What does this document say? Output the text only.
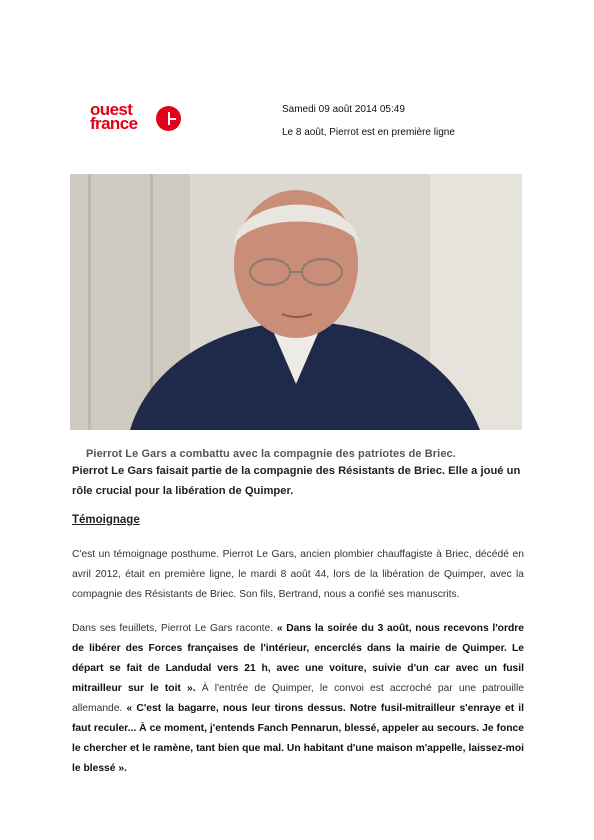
ouest
france
Samedi 09 août 2014 05:49
Le 8 août, Pierrot est en première ligne
Pierrot Le Gars a combattu avec la compagnie des patriotes de Briec.
Pierrot Le Gars faisait partie de la compagnie des Résistants de Briec. Elle a joué un rôle crucial pour la libération de Quimper.
Témoignage
C'est un témoignage posthume. Pierrot Le Gars, ancien plombier chauffagiste à Briec, décédé en avril 2012, était en première ligne, le mardi 8 août 44, lors de la libération de Quimper, avec la compagnie des Résistants de Briec. Son fils, Bertrand, nous a confié ses manuscrits.
Dans ses feuillets, Pierrot Le Gars raconte. « Dans la soirée du 3 août, nous recevons l'ordre de libérer des Forces françaises de l'intérieur, encerclés dans la mairie de Quimper. Le départ se fait de Landudal vers 21 h, avec une voiture, suivie d'un car avec un fusil mitrailleur sur le toit ». À l'entrée de Quimper, le convoi est accroché par une patrouille allemande. « C'est la bagarre, nous leur tirons dessus. Notre fusil-mitrailleur s'enraye et il faut reculer... À ce moment, j'entends Fanch Pennarun, blessé, appeler au secours. Je fonce le chercher et le ramène, tant bien que mal. Un habitant d'une maison m'appelle, laissez-moi le blessé ».
